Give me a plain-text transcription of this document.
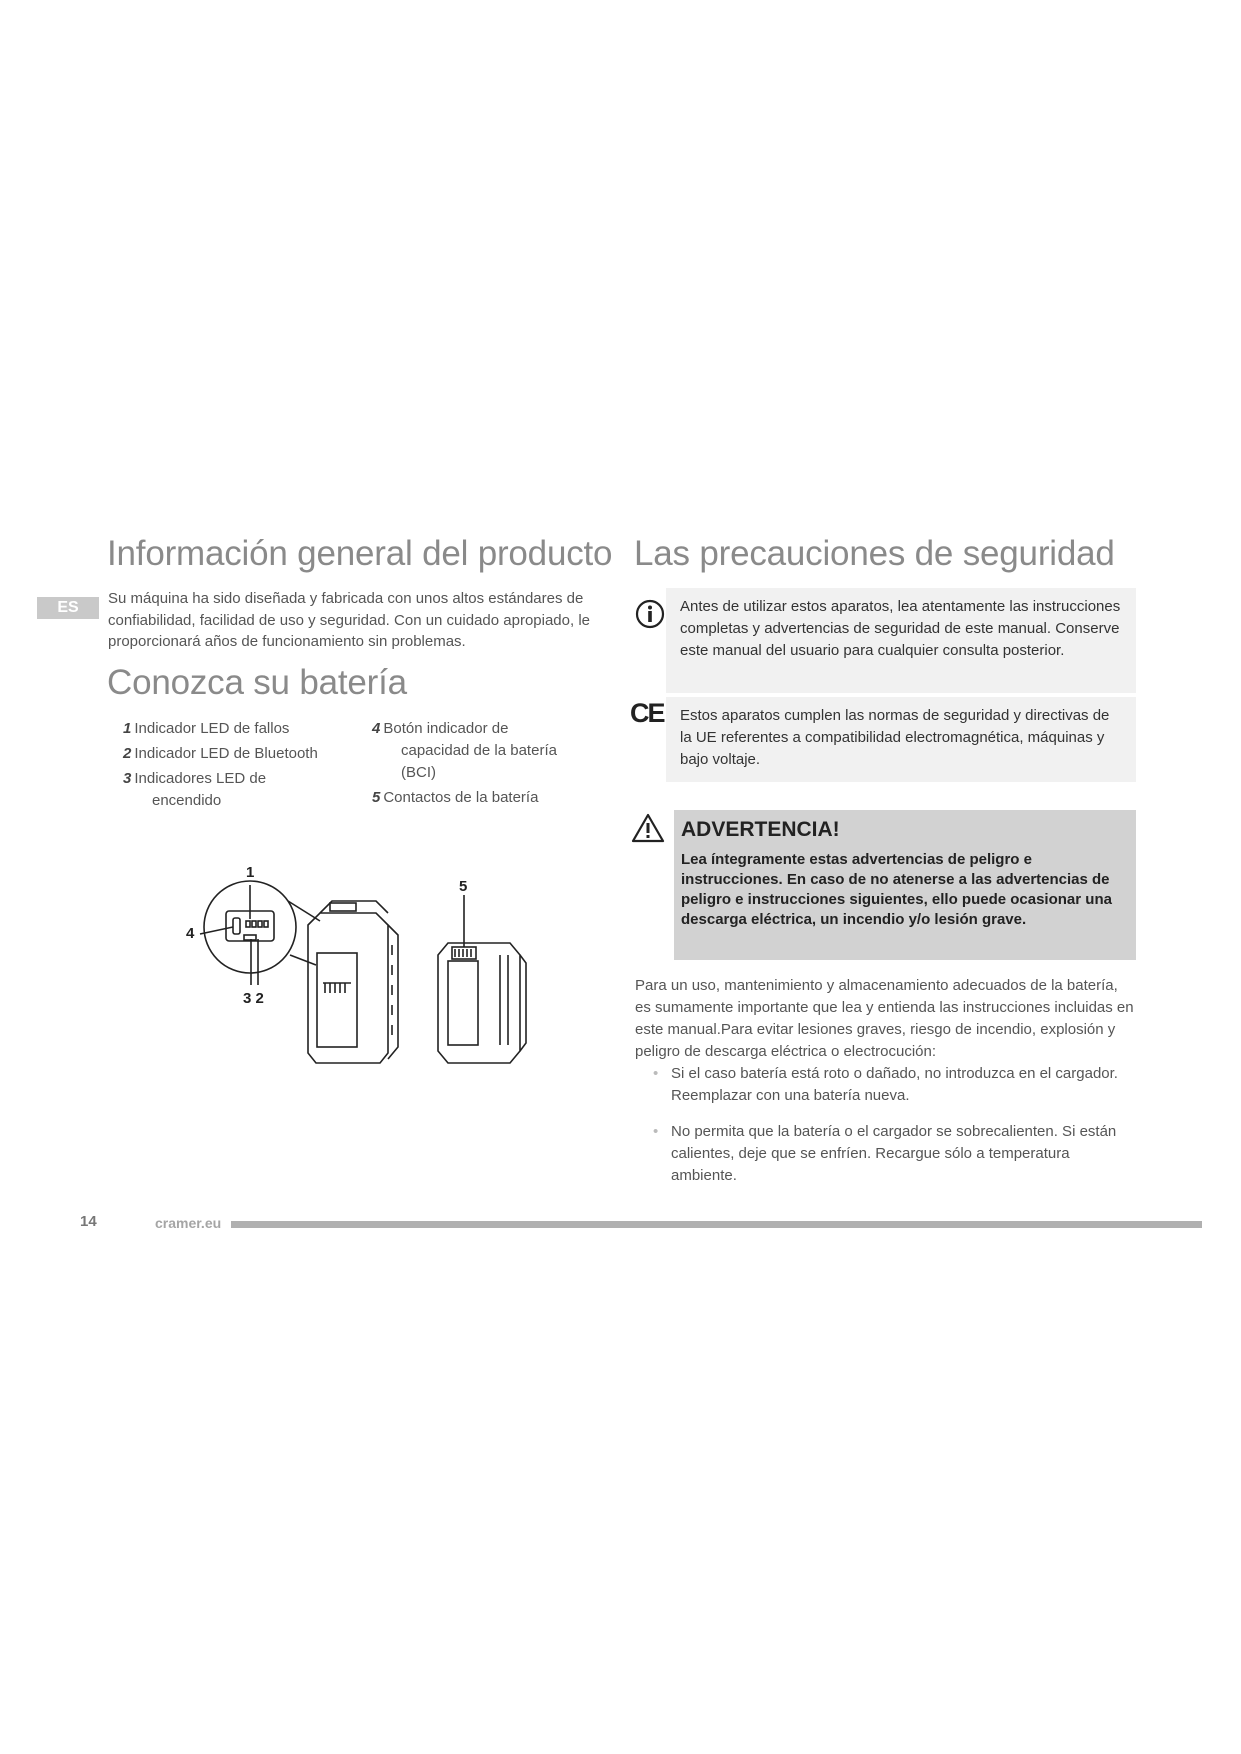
Información general del producto
ES
Su máquina ha sido diseñada y fabricada con unos altos estándares de confiabilidad, facilidad de uso y seguridad. Con un cuidado apropiado, le proporcionará años de funcionamiento sin problemas.
Conozca su batería
1 Indicador LED de fallos
2 Indicador LED de Bluetooth
3 Indicadores LED de
encendido
4 Botón indicador de
capacidad de la batería
(BCI)
5 Contactos de la batería
1
4
3 2
5
Las precauciones de seguridad
Antes de utilizar estos aparatos, lea atentamente las instrucciones completas y advertencias de seguridad de este manual. Conserve este manual del usuario para cualquier consulta posterior.
CE	Estos aparatos cumplen las normas de seguridad y directivas de la UE referentes a compatibilidad electromagnética, máquinas y bajo voltaje.
ADVERTENCIA!
Lea íntegramente estas advertencias de peligro e instrucciones. En caso de no atenerse a las advertencias de peligro e instrucciones siguientes, ello puede ocasionar una descarga eléctrica, un incendio y/o lesión grave.
Para un uso, mantenimiento y almacenamiento adecuados de la batería, es sumamente importante que lea y entienda las instrucciones incluidas en este manual.Para evitar lesiones graves, riesgo de incendio, explosión y peligro de descarga eléctrica o electrocución:
• Si el caso batería está roto o dañado, no introduzca en el cargador. Reemplazar con una batería nueva.
• No permita que la batería o el cargador se sobrecalienten. Si están calientes, deje que se enfríen. Recargue sólo a temperatura ambiente.
14	cramer.eu
